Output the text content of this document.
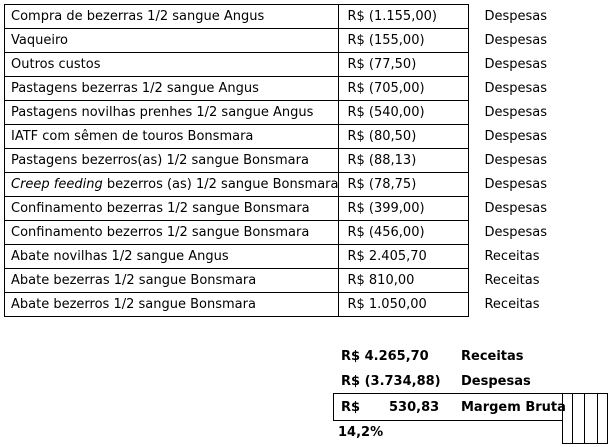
Compra de bezerras 1/2 sangue Angus	R$ (1.155,00)	Despesas
Vaqueiro	R$ (155,00)	Despesas
Outros custos	R$ (77,50)	Despesas
Pastagens bezerras 1/2 sangue Angus	R$ (705,00)	Despesas
Pastagens novilhas prenhes 1/2 sangue Angus	R$ (540,00)	Despesas
IATF com sêmen de touros Bonsmara	R$ (80,50)	Despesas
Pastagens bezerros(as) 1/2 sangue Bonsmara	R$ (88,13)	Despesas
Creep feeding bezerros (as) 1/2 sangue Bonsmara	R$ (78,75)	Despesas
Confinamento bezerras 1/2 sangue Bonsmara	R$ (399,00)	Despesas
Confinamento bezerros 1/2 sangue Bonsmara	R$ (456,00)	Despesas
Abate novilhas 1/2 sangue Angus	R$ 2.405,70	Receitas
Abate bezerras 1/2 sangue Bonsmara	R$ 810,00	Receitas
Abate bezerros 1/2 sangue Bonsmara	R$ 1.050,00	Receitas
R$ 4.265,70 Receitas
R$ (3.734,88) Despesas
R$ 530,83 Margem Bruta
14,2%
